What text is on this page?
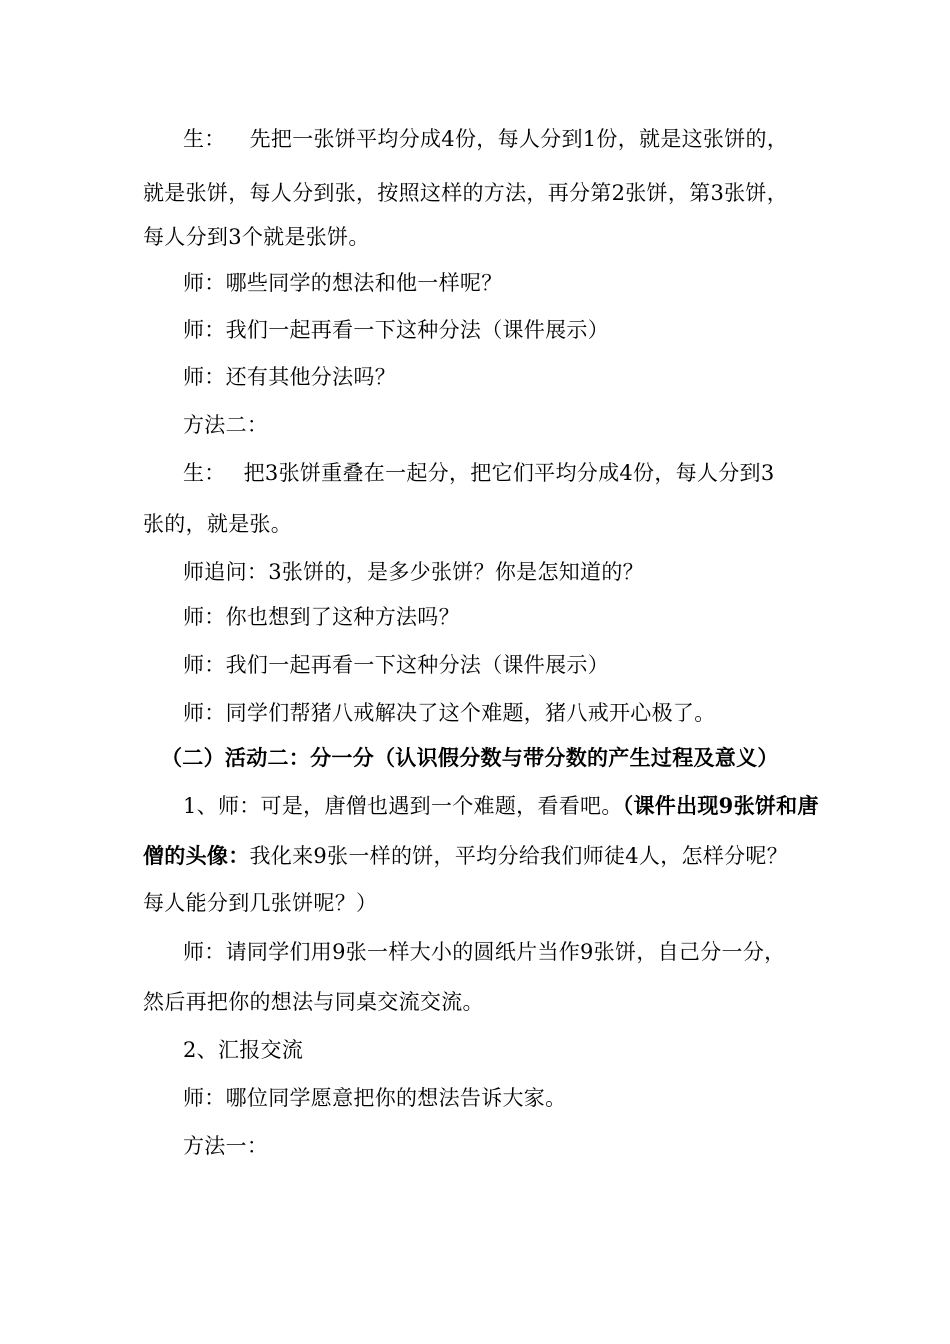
生： 先把一张饼平均分成4份，每人分到1份，就是这张饼的，
就是张饼，每人分到张，按照这样的方法，再分第2张饼，第3张饼，
每人分到3个就是张饼。
师：哪些同学的想法和他一样呢？
师：我们一起再看一下这种分法（课件展示）
师：还有其他分法吗？
方法二：
生： 把3张饼重叠在一起分，把它们平均分成4份，每人分到3
张的，就是张。
师追问：3张饼的，是多少张饼？你是怎知道的？
师：你也想到了这种方法吗？
师：我们一起再看一下这种分法（课件展示）
师：同学们帮猪八戒解决了这个难题，猪八戒开心极了。
（二）活动二：分一分（认识假分数与带分数的产生过程及意义）
1、师：可是，唐僧也遇到一个难题，看看吧。（课件出现9张饼和唐
僧的头像：我化来9张一样的饼，平均分给我们师徒4人，怎样分呢？
每人能分到几张饼呢？）
师：请同学们用9张一样大小的圆纸片当作9张饼，自己分一分，
然后再把你的想法与同桌交流交流。
2、汇报交流
师：哪位同学愿意把你的想法告诉大家。
方法一：
